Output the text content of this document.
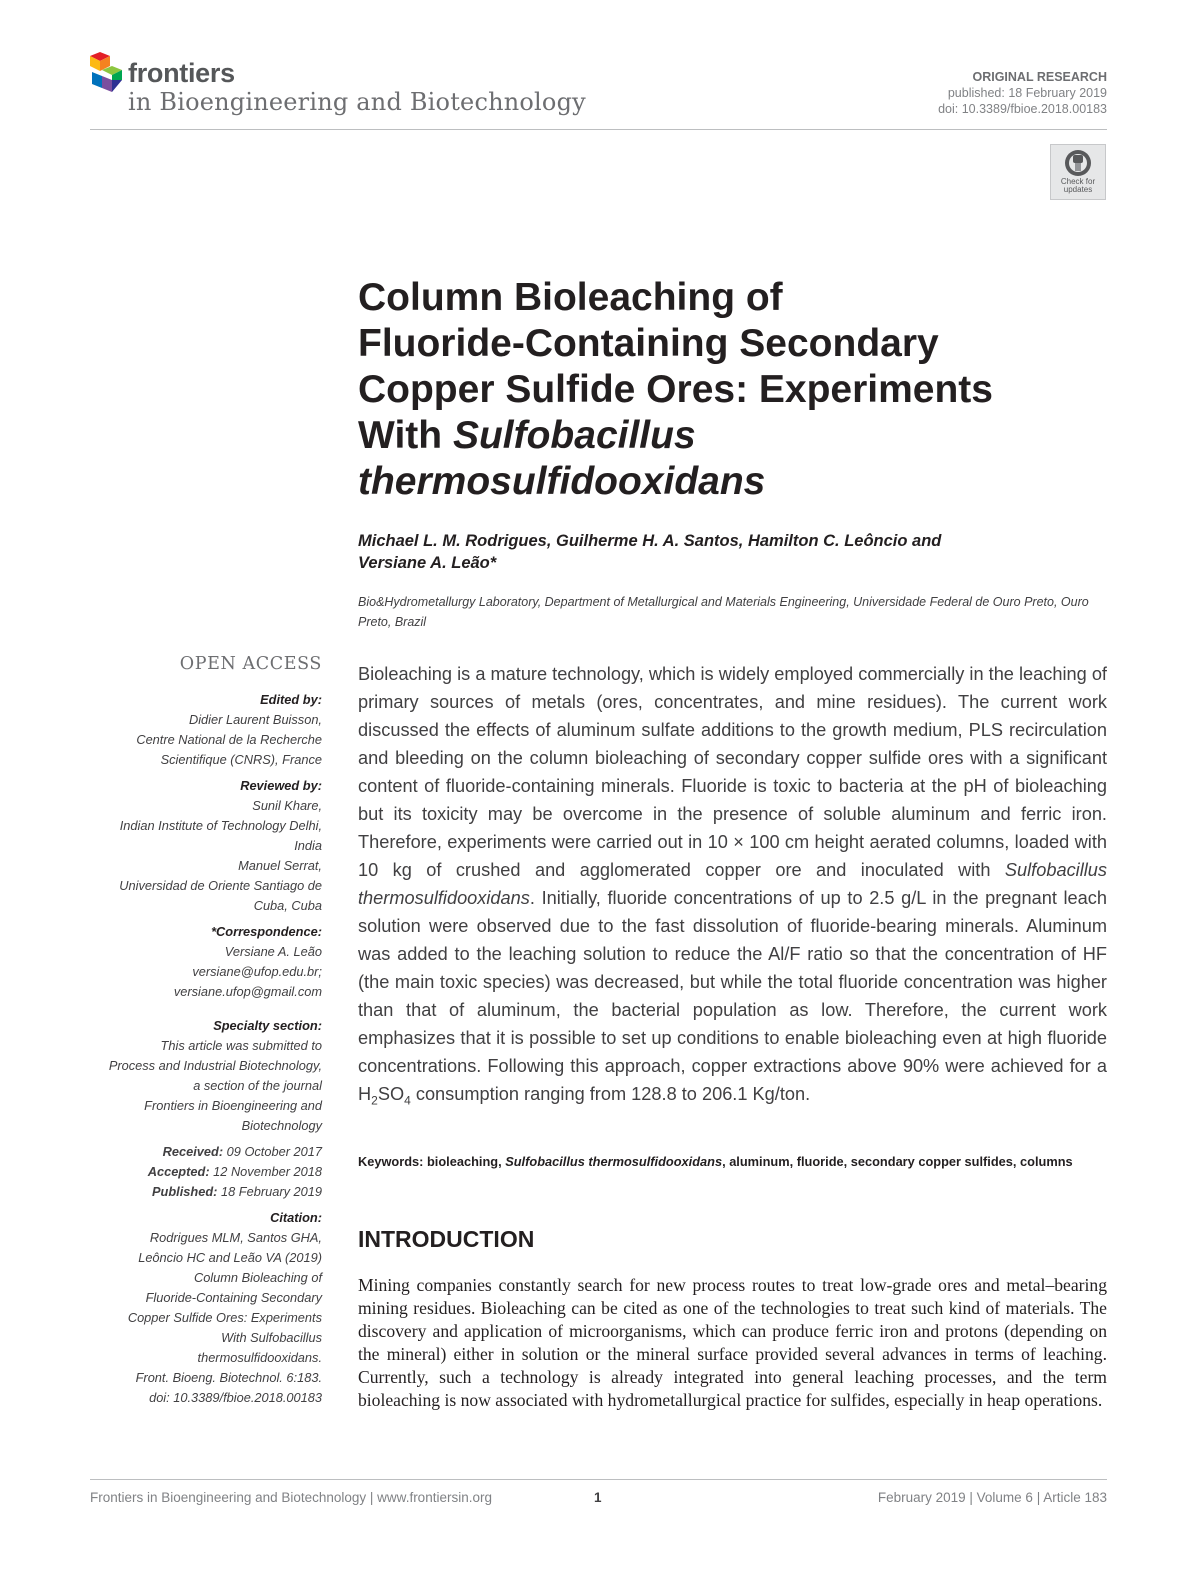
frontiers
in Bioengineering and Biotechnology
ORIGINAL RESEARCH
published: 18 February 2019
doi: 10.3389/fbioe.2018.00183
Check for
updates
Column Bioleaching of
Fluoride-Containing Secondary
Copper Sulfide Ores: Experiments
With Sulfobacillus
thermosulfidooxidans
Michael L. M. Rodrigues, Guilherme H. A. Santos, Hamilton C. Leôncio and
Versiane A. Leão*
Bio&Hydrometallurgy Laboratory, Department of Metallurgical and Materials Engineering, Universidade Federal de Ouro Preto, Ouro Preto, Brazil
OPEN ACCESS
Edited by:
Didier Laurent Buisson,
Centre National de la Recherche
Scientifique (CNRS), France
Reviewed by:
Sunil Khare,
Indian Institute of Technology Delhi,
India
Manuel Serrat,
Universidad de Oriente Santiago de
Cuba, Cuba
*Correspondence:
Versiane A. Leão
versiane@ufop.edu.br;
versiane.ufop@gmail.com
Specialty section:
This article was submitted to
Process and Industrial Biotechnology,
a section of the journal
Frontiers in Bioengineering and
Biotechnology
Received: 09 October 2017
Accepted: 12 November 2018
Published: 18 February 2019
Citation:
Rodrigues MLM, Santos GHA,
Leôncio HC and Leão VA (2019)
Column Bioleaching of
Fluoride-Containing Secondary
Copper Sulfide Ores: Experiments
With Sulfobacillus
thermosulfidooxidans.
Front. Bioeng. Biotechnol. 6:183.
doi: 10.3389/fbioe.2018.00183

Bioleaching is a mature technology, which is widely employed commercially in the leaching of primary sources of metals (ores, concentrates, and mine residues). The current work discussed the effects of aluminum sulfate additions to the growth medium, PLS recirculation and bleeding on the column bioleaching of secondary copper sulfide ores with a significant content of fluoride-containing minerals. Fluoride is toxic to bacteria at the pH of bioleaching but its toxicity may be overcome in the presence of soluble aluminum and ferric iron. Therefore, experiments were carried out in 10 × 100 cm height aerated columns, loaded with 10 kg of crushed and agglomerated copper ore and inoculated with Sulfobacillus thermosulfidooxidans. Initially, fluoride concentrations of up to 2.5 g/L in the pregnant leach solution were observed due to the fast dissolution of fluoride-bearing minerals. Aluminum was added to the leaching solution to reduce the Al/F ratio so that the concentration of HF (the main toxic species) was decreased, but while the total fluoride concentration was higher than that of aluminum, the bacterial population as low. Therefore, the current work emphasizes that it is possible to set up conditions to enable bioleaching even at high fluoride concentrations. Following this approach, copper extractions above 90% were achieved for a $H_2SO_4$ consumption ranging from 128.8 to 206.1 Kg/ton.

Keywords: bioleaching, Sulfobacillus thermosulfidooxidans, aluminum, fluoride, secondary copper sulfides, columns

INTRODUCTION

Mining companies constantly search for new process routes to treat low-grade ores and metal–bearing mining residues. Bioleaching can be cited as one of the technologies to treat such kind of materials. The discovery and application of microorganisms, which can produce ferric iron and protons (depending on the mineral) either in solution or the mineral surface provided several advances in terms of leaching. Currently, such a technology is already integrated into general leaching processes, and the term bioleaching is now associated with hydrometallurgical practice for sulfides, especially in heap operations.

Frontiers in Bioengineering and Biotechnology | www.frontiersin.org	1	February 2019 | Volume 6 | Article 183
